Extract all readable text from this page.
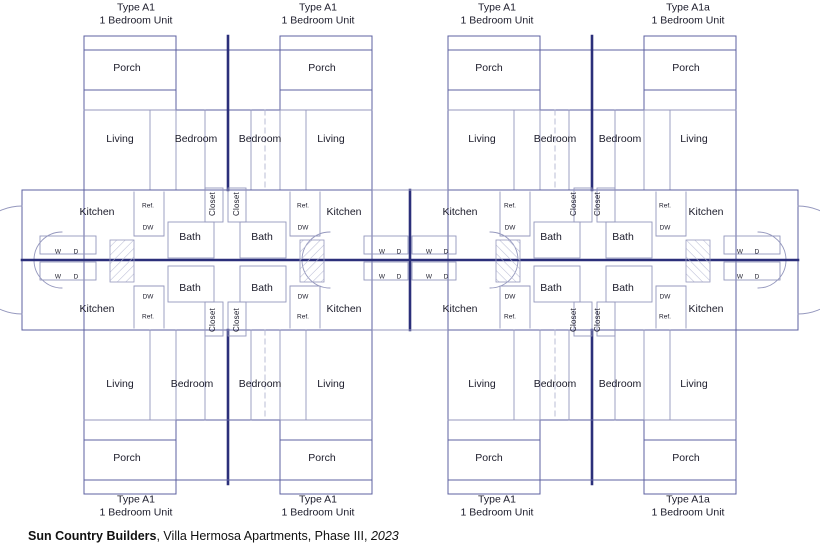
Type A1
1 Bedroom Unit
Type A1
1 Bedroom Unit
Type A1
1 Bedroom Unit
Type A1a
1 Bedroom Unit
Type A1
1 Bedroom Unit
Type A1
1 Bedroom Unit
Type A1
1 Bedroom Unit
Type A1a
1 Bedroom Unit
Porch	Porch	Porch	Porch
Porch	Porch	Porch	Porch
Living	Bedroom Bedroom	Living	Living	Bedroom Bedroom	Living
Living	Bedroom Bedroom	Living	Living	Bedroom Bedroom	Living
Kitchen	Kitchen	Kitchen	Kitchen
Kitchen	Kitchen	Kitchen	Kitchen
Bath	Bath	Bath	Bath
Bath	Bath	Bath	Bath
Closet Closet	Closet Closet
Closet Closet	Closet Closet
Ref.
DW
Ref.
DW
Ref.
DW
Ref.
DW
DW
Ref.
DW
Ref.
DW
Ref.
DW
Ref.
W D
W D
W D
W D
W D
W D
W D
W D
Sun Country Builders, Villa Hermosa Apartments, Phase III, 2023
